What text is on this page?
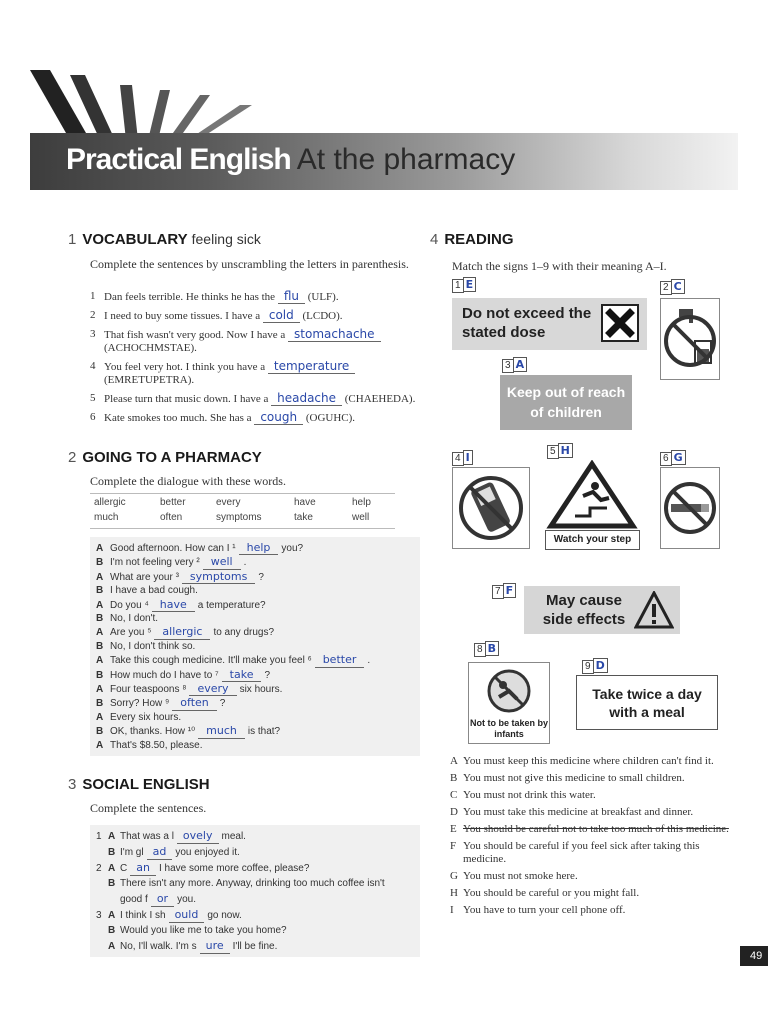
Practical English At the pharmacy
1 VOCABULARY feeling sick
Complete the sentences by unscrambling the letters in parenthesis.
1 Dan feels terrible. He thinks he has the flu (ULF).
2 I need to buy some tissues. I have a cold (LCDO).
3 That fish wasn't very good. Now I have a stomachache (ACHOCHMSTAE).
4 You feel very hot. I think you have a temperature (EMRETUPETRA).
5 Please turn that music down. I have a headache (CHAEHEDA).
6 Kate smokes too much. She has a cough (OGUHC).
2 GOING TO A PHARMACY
Complete the dialogue with these words.
allergic	better	every	have	help
much	often	symptoms	take	well
A Good afternoon. How can I ¹	help	you?
B I'm not feeling very ²	well	.
A What are your ³	symptoms	?
B I have a bad cough.
A Do you ⁴	have	a temperature?
B No, I don't.
A Are you ⁵	allergic	to any drugs?
B No, I don't think so.
A Take this cough medicine. It'll make you feel ⁶	better	.
B How much do I have to ⁷	take	?
A Four teaspoons ⁸	every	six hours.
B Sorry? How ⁹	often	?
A Every six hours.
B OK, thanks. How ¹⁰	much	is that?
A That's $8.50, please.
3 SOCIAL ENGLISH
Complete the sentences.
1 A That was a l ovely meal.
B I'm gl ad you enjoyed it.
2 A C an I have some more coffee, please?
B There isn't any more. Anyway, drinking too much coffee isn't
good f or you.
3 A I think I sh ould go now.
B Would you like me to take you home?
A No, I'll walk. I'm s ure I'll be fine.
4 READING
Match the signs 1–9 with their meaning A–I.
1 E	2 C
3 A
4 I	5 H
6 G
7 F
8 B
9 D
Do not exceed the stated dose
Keep out of reach of children
Watch your step
May cause side effects
Not to be taken by infants
Take twice a day with a meal
A You must keep this medicine where children can't find it.
B You must not give this medicine to small children.
C You must not drink this water.
D You must take this medicine at breakfast and dinner.
E You should be careful not to take too much of this medicine.
F You should be careful if you feel sick after taking this medicine.
G You must not smoke here.
H You should be careful or you might fall.
I You have to turn your cell phone off.
49
